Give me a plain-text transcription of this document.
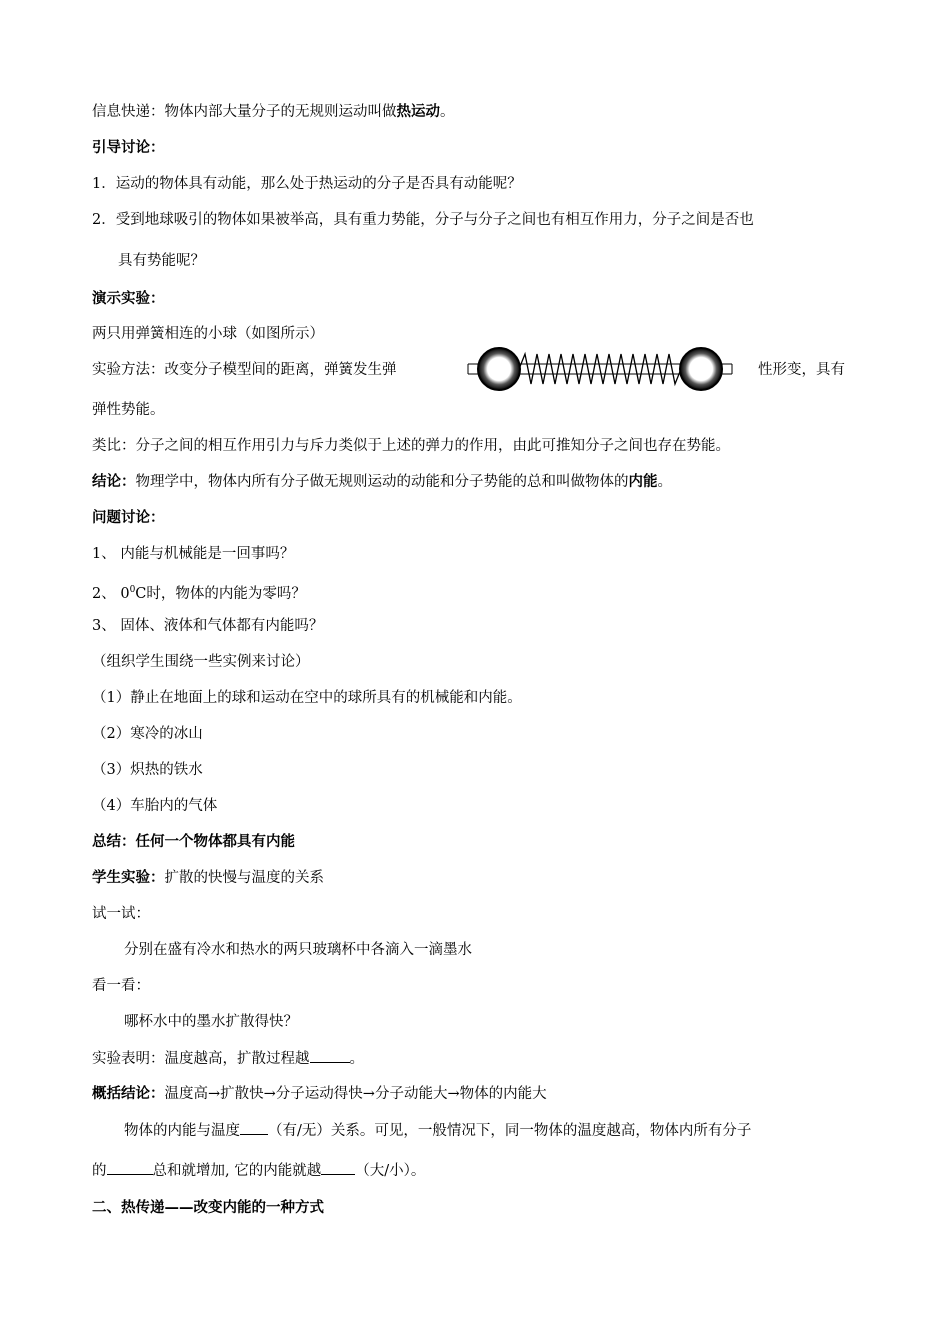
信息快递：物体内部大量分子的无规则运动叫做热运动。
引导讨论：
1．运动的物体具有动能，那么处于热运动的分子是否具有动能呢？
2．受到地球吸引的物体如果被举高，具有重力势能，分子与分子之间也有相互作用力，分子之间是否也
具有势能呢？
演示实验：
两只用弹簧相连的小球（如图所示）
实验方法：改变分子模型间的距离，弹簧发生弹	性形变，具有
弹性势能。
类比：分子之间的相互作用引力与斥力类似于上述的弹力的作用，由此可推知分子之间也存在势能。
结论：物理学中，物体内所有分子做无规则运动的动能和分子势能的总和叫做物体的内能。
问题讨论：
1、 内能与机械能是一回事吗？
2、 $0^0C$时，物体的内能为零吗？
3、 固体、液体和气体都有内能吗？
（组织学生围绕一些实例来讨论）
（1）静止在地面上的球和运动在空中的球所具有的机械能和内能。
（2）寒冷的冰山
（3）炽热的铁水
（4）车胎内的气体
总结：任何一个物体都具有内能
学生实验：扩散的快慢与温度的关系
试一试：
分别在盛有冷水和热水的两只玻璃杯中各滴入一滴墨水
看一看：
哪杯水中的墨水扩散得快？
实验表明：温度越高，扩散过程越	。
概括结论：温度高→扩散快→分子运动得快→分子动能大→物体的内能大
物体的内能与温度 （有/无）关系。可见，一般情况下，同一物体的温度越高，物体内所有分子
的	总和就增加, 它的内能就越 （大/小）。
二、热传递——改变内能的一种方式
